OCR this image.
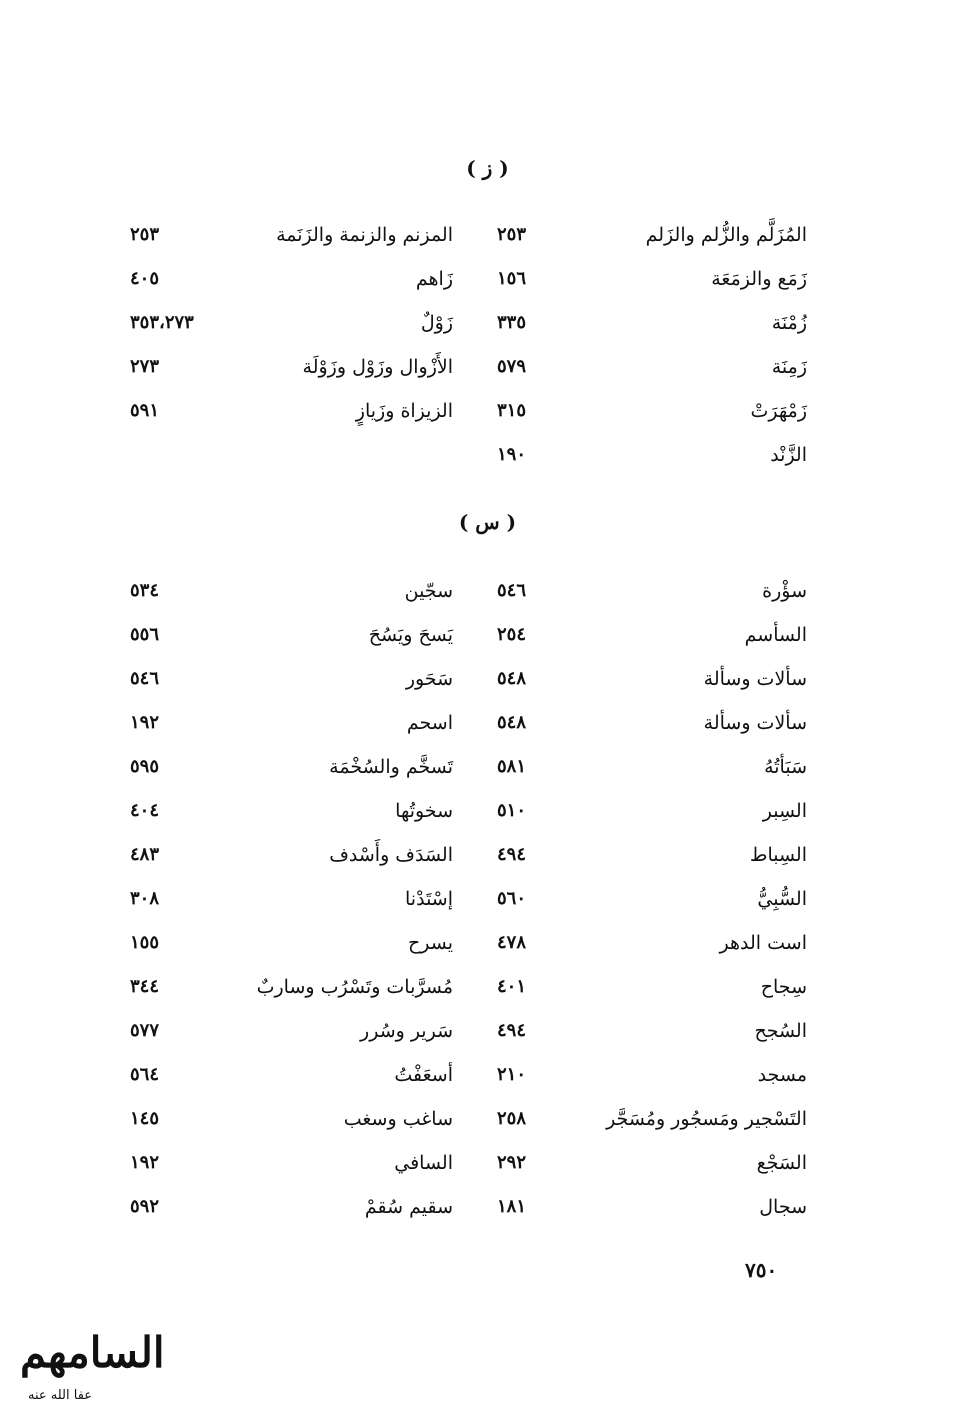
( ز )
المُزَلَّم والزُّلم والزَلم
٢٥٣
المزنم والزنمة والزَنَمة
٢٥٣
زَمَع والزمَعَة
١٥٦
زَاهم
٤٠٥
زُمْنَة
٣٣٥
زَوْلٌ
٣٥٣،٢٧٣
زَمِنَة
٥٧٩
الأَزْوال وزَوْل وزَوْلَة
٢٧٣
زَمْهَرَتْ
٣١٥
الزيزاة وزَيازٍ
٥٩١
الزَّنْد
١٩٠
( س )
سؤْرة
٥٤٦
سجّين
٥٣٤
السأسم
٢٥٤
يَسحَ ويَسُحَ
٥٥٦
سألات وسألة
٥٤٨
سَحَور
٥٤٦
سألات وسألة
٥٤٨
اسحم
١٩٢
سَبَأتُهُ
٥٨١
تَسخَّم والسُخْمَة
٥٩٥
السِبر
٥١٠
سخوتُها
٤٠٤
السِباط
٤٩٤
السَدَف وأَسْدف
٤٨٣
السُّبِيُّ
٥٦٠
إسْتَدْنا
٣٠٨
است الدهر
٤٧٨
يسرح
١٥٥
سِجاح
٤٠١
مُسرَّبات وتَسْرُب وساربٌ
٣٤٤
السُجح
٤٩٤
سَرير وسُرر
٥٧٧
مسجد
٢١٠
أسعَفْتُ
٥٦٤
التَسْجير ومَسجُور ومُسَجَّر
٢٥٨
ساغب وسغب
١٤٥
السَجْع
٢٩٢
السافي
١٩٢
سجال
١٨١
سقيم سُقمْ
٥٩٢
٧٥٠
السامهم
عفا الله عنه
